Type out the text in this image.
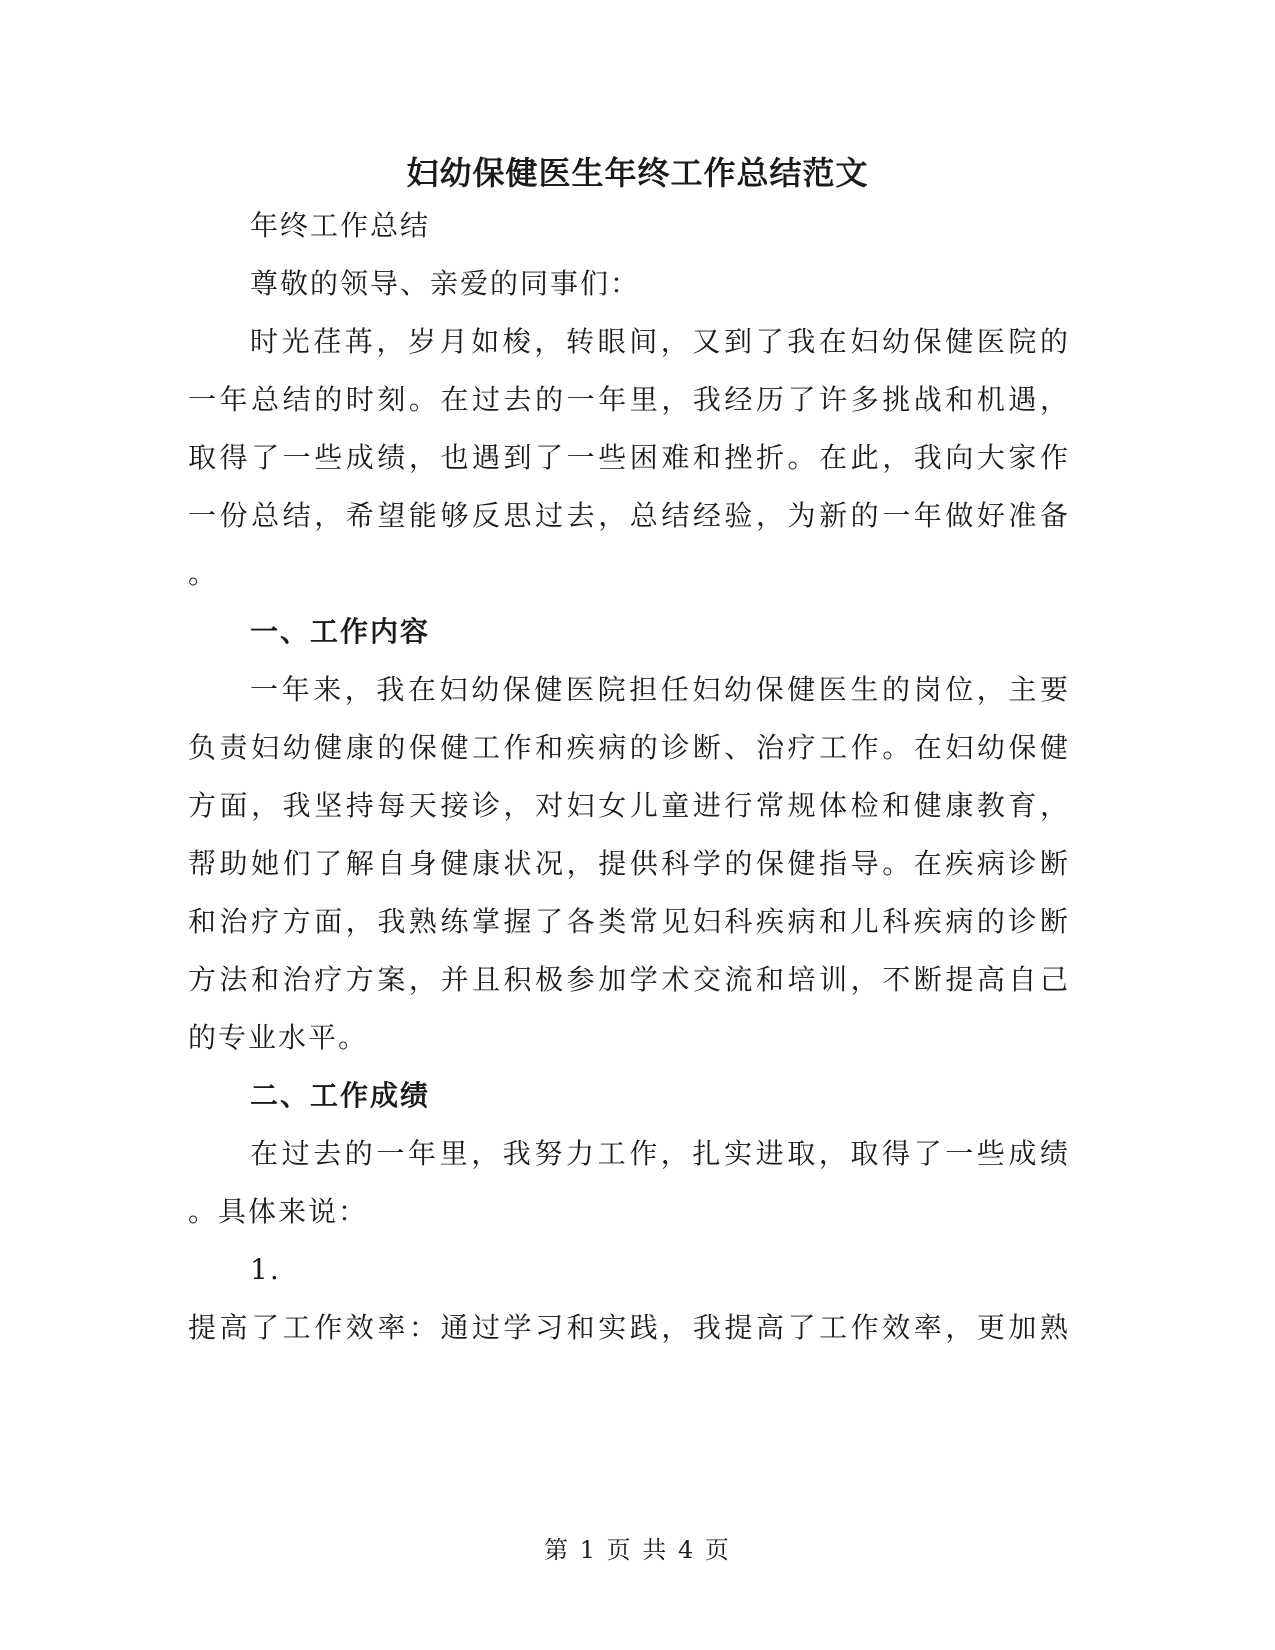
妇幼保健医生年终工作总结范文
年终工作总结
尊敬的领导、亲爱的同事们：
时光荏苒，岁月如梭，转眼间，又到了我在妇幼保健医院的
一年总结的时刻。在过去的一年里，我经历了许多挑战和机遇，
取得了一些成绩，也遇到了一些困难和挫折。在此，我向大家作
一份总结，希望能够反思过去，总结经验，为新的一年做好准备
。
一、工作内容
一年来，我在妇幼保健医院担任妇幼保健医生的岗位，主要
负责妇幼健康的保健工作和疾病的诊断、治疗工作。在妇幼保健
方面，我坚持每天接诊，对妇女儿童进行常规体检和健康教育，
帮助她们了解自身健康状况，提供科学的保健指导。在疾病诊断
和治疗方面，我熟练掌握了各类常见妇科疾病和儿科疾病的诊断
方法和治疗方案，并且积极参加学术交流和培训，不断提高自己
的专业水平。
二、工作成绩
在过去的一年里，我努力工作，扎实进取，取得了一些成绩
。具体来说：
1.
提高了工作效率：通过学习和实践，我提高了工作效率，更加熟
第 1 页 共 4 页
